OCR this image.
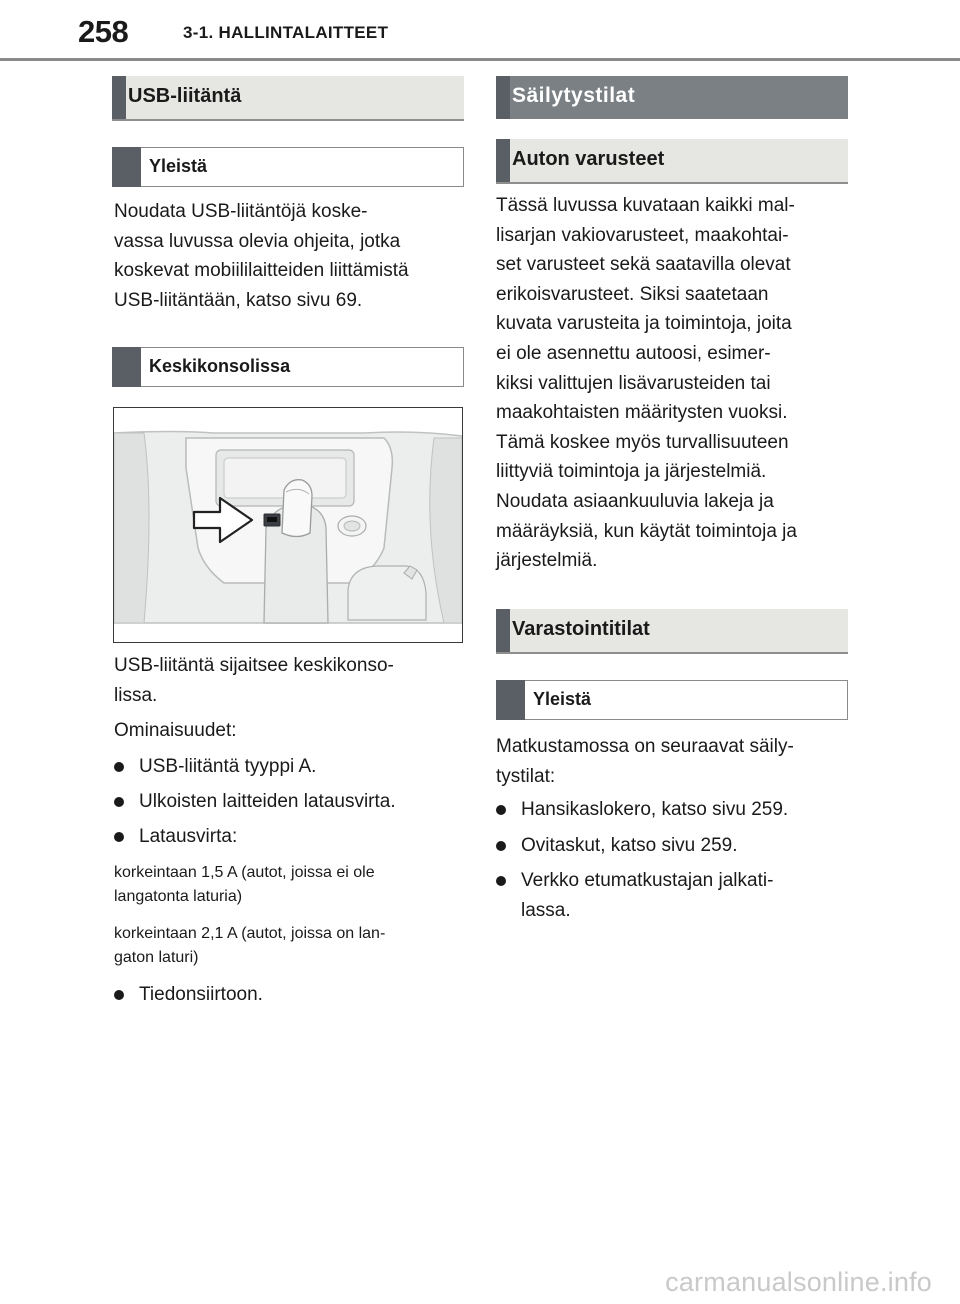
258	3-1. HALLINTALAITTEET
USB-liitäntä
Yleistä
Noudata USB-liitäntöjä koske-
vassa luvussa olevia ohjeita, jotka
koskevat mobiililaitteiden liittämistä
USB-liitäntään, katso sivu 69.
Keskikonsolissa
USB-liitäntä sijaitsee keskikonso-
lissa.
Ominaisuudet:
USB-liitäntä tyyppi A.
Ulkoisten laitteiden latausvirta.
Latausvirta:
korkeintaan 1,5 A (autot, joissa ei ole
langatonta laturia)
korkeintaan 2,1 A (autot, joissa on lan-
gaton laturi)
Tiedonsiirtoon.
Säilytystilat
Auton varusteet
Tässä luvussa kuvataan kaikki mal-
lisarjan vakiovarusteet, maakohtai-
set varusteet sekä saatavilla olevat
erikoisvarusteet. Siksi saatetaan
kuvata varusteita ja toimintoja, joita
ei ole asennettu autoosi, esimer-
kiksi valittujen lisävarusteiden tai
maakohtaisten määritysten vuoksi.
Tämä koskee myös turvallisuuteen
liittyviä toimintoja ja järjestelmiä.
Noudata asiaankuuluvia lakeja ja
määräyksiä, kun käytät toimintoja ja
järjestelmiä.
Varastointitilat
Yleistä
Matkustamossa on seuraavat säily-
tystilat:
Hansikaslokero, katso sivu 259.
Ovitaskut, katso sivu 259.
Verkko etumatkustajan jalkati-
lassa.
carmanualsonline.info
